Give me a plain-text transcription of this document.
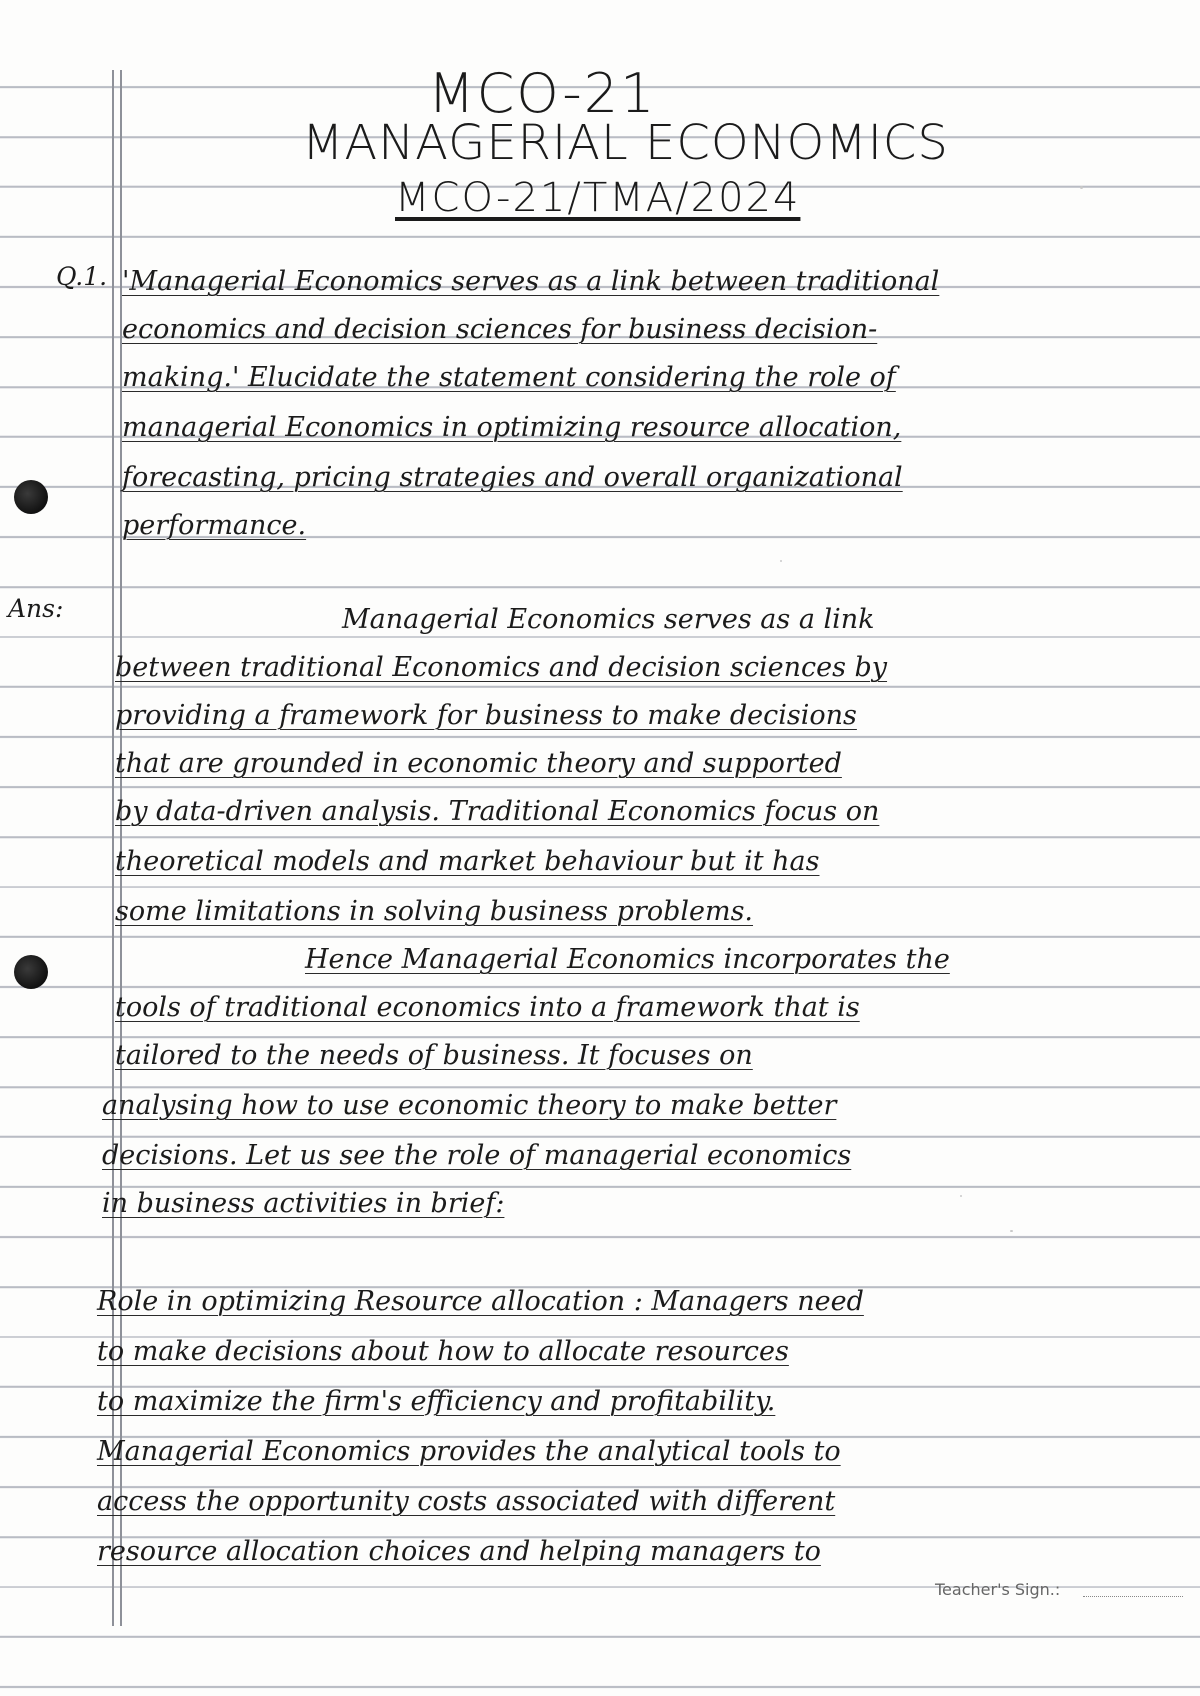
MCO-21
MANAGERIAL ECONOMICS
MCO-21/TMA/2024
Q.1. 'Managerial Economics serves as a link between traditional
economics and decision sciences for business decision-
making.' Elucidate the statement considering the role of
managerial Economics in optimizing resource allocation,
forecasting, pricing strategies and overall organizational
performance.
Ans:	Managerial Economics serves as a link
between traditional Economics and decision sciences by
providing a framework for business to make decisions
that are grounded in economic theory and supported
by data-driven analysis. Traditional Economics focus on
theoretical models and market behaviour but it has
some limitations in solving business problems.
Hence Managerial Economics incorporates the
tools of traditional economics into a framework that is
tailored to the needs of business. It focuses on
analysing how to use economic theory to make better
decisions. Let us see the role of managerial economics
in business activities in brief:
Role in optimizing Resource allocation : Managers need
to make decisions about how to allocate resources
to maximize the firm's efficiency and profitability.
Managerial Economics provides the analytical tools to
access the opportunity costs associated with different
resource allocation choices and helping managers to
Teacher's Sign.:
